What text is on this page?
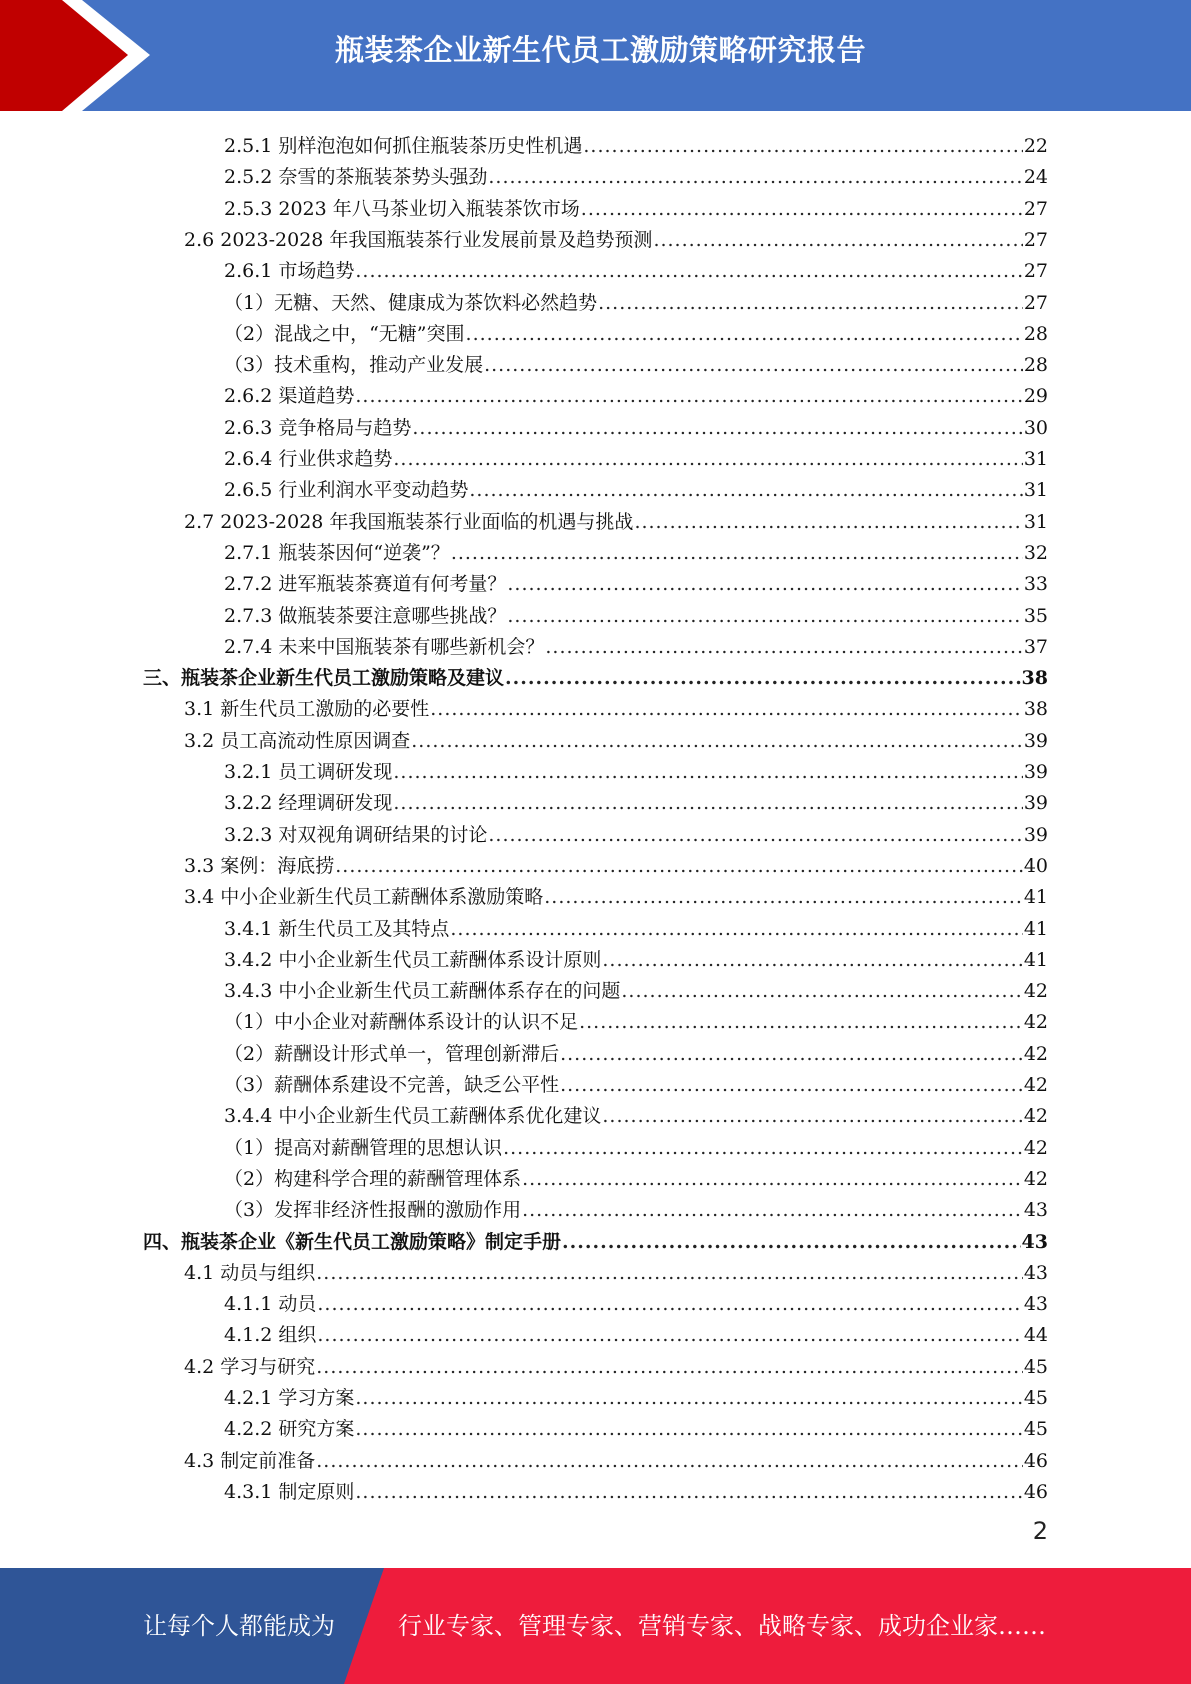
瓶装茶企业新生代员工激励策略研究报告
2.5.1 别样泡泡如何抓住瓶装茶历史性机遇 .....	22
2.5.2 奈雪的茶瓶装茶势头强劲 .....	24
2.5.3 2023 年八马茶业切入瓶装茶饮市场 .....	27
2.6 2023-2028 年我国瓶装茶行业发展前景及趋势预测 .....	27
2.6.1 市场趋势 .....	27
（1）无糖、天然、健康成为茶饮料必然趋势 .....	27
（2）混战之中，“无糖”突围 .....	28
（3）技术重构，推动产业发展 .....	28
2.6.2 渠道趋势 .....	29
2.6.3 竞争格局与趋势 .....	30
2.6.4 行业供求趋势 .....	31
2.6.5 行业利润水平变动趋势 .....	31
2.7 2023-2028 年我国瓶装茶行业面临的机遇与挑战 .....	31
2.7.1 瓶装茶因何“逆袭”？ .....	32
2.7.2 进军瓶装茶赛道有何考量？ .....	33
2.7.3 做瓶装茶要注意哪些挑战？ .....	35
2.7.4 未来中国瓶装茶有哪些新机会？ .....	37
三、瓶装茶企业新生代员工激励策略及建议 .....	38
3.1 新生代员工激励的必要性 .....	38
3.2 员工高流动性原因调查 .....	39
3.2.1 员工调研发现 .....	39
3.2.2 经理调研发现 .....	39
3.2.3 对双视角调研结果的讨论 .....	39
3.3 案例：海底捞 .....	40
3.4 中小企业新生代员工薪酬体系激励策略 .....	41
3.4.1 新生代员工及其特点 .....	41
3.4.2 中小企业新生代员工薪酬体系设计原则 .....	41
3.4.3 中小企业新生代员工薪酬体系存在的问题 .....	42
（1）中小企业对薪酬体系设计的认识不足 .....	42
（2）薪酬设计形式单一，管理创新滞后 .....	42
（3）薪酬体系建设不完善，缺乏公平性 .....	42
3.4.4 中小企业新生代员工薪酬体系优化建议 .....	42
（1）提高对薪酬管理的思想认识 .....	42
（2）构建科学合理的薪酬管理体系 .....	42
（3）发挥非经济性报酬的激励作用 .....	43
四、瓶装茶企业《新生代员工激励策略》制定手册 .....	43
4.1 动员与组织 .....	43
4.1.1 动员 .....	43
4.1.2 组织 .....	44
4.2 学习与研究 .....	45
4.2.1 学习方案 .....	45
4.2.2 研究方案 .....	45
4.3 制定前准备 .....	46
4.3.1 制定原则 .....	46
2
让每个人都能成为	行业专家、管理专家、营销专家、战略专家、成功企业家……
